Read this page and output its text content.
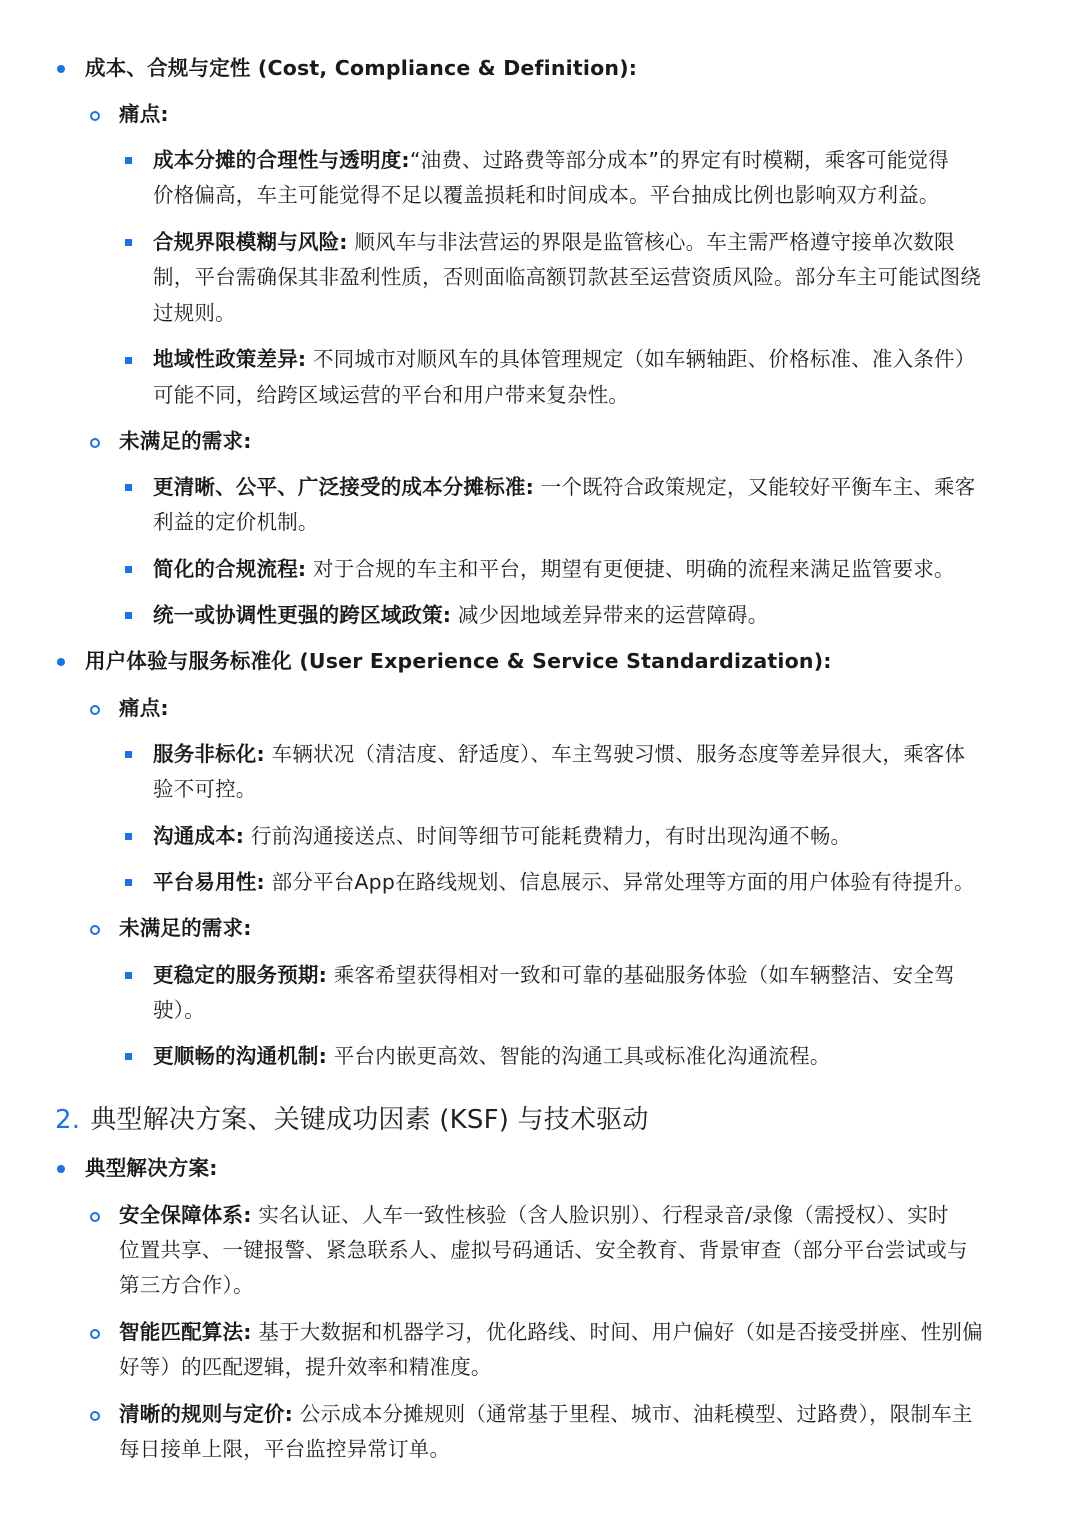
成本、合规与定性 (Cost, Compliance & Definition):
痛点:
成本分摊的合理性与透明度:“油费、过路费等部分成本”的界定有时模糊，乘客可能觉得
价格偏高，车主可能觉得不足以覆盖损耗和时间成本。平台抽成比例也影响双方利益。
合规界限模糊与风险: 顺风车与非法营运的界限是监管核心。车主需严格遵守接单次数限
制，平台需确保其非盈利性质，否则面临高额罚款甚至运营资质风险。部分车主可能试图绕
过规则。
地域性政策差异: 不同城市对顺风车的具体管理规定（如车辆轴距、价格标准、准入条件）
可能不同，给跨区域运营的平台和用户带来复杂性。
未满足的需求:
更清晰、公平、广泛接受的成本分摊标准: 一个既符合政策规定，又能较好平衡车主、乘客
利益的定价机制。
简化的合规流程: 对于合规的车主和平台，期望有更便捷、明确的流程来满足监管要求。
统一或协调性更强的跨区域政策: 减少因地域差异带来的运营障碍。
用户体验与服务标准化 (User Experience & Service Standardization):
痛点:
服务非标化: 车辆状况（清洁度、舒适度）、车主驾驶习惯、服务态度等差异很大，乘客体
验不可控。
沟通成本: 行前沟通接送点、时间等细节可能耗费精力，有时出现沟通不畅。
平台易用性: 部分平台App在路线规划、信息展示、异常处理等方面的用户体验有待提升。
未满足的需求:
更稳定的服务预期: 乘客希望获得相对一致和可靠的基础服务体验（如车辆整洁、安全驾
驶）。
更顺畅的沟通机制: 平台内嵌更高效、智能的沟通工具或标准化沟通流程。
2. 典型解决方案、关键成功因素 (KSF) 与技术驱动
典型解决方案:
安全保障体系: 实名认证、人车一致性核验（含人脸识别）、行程录音/录像（需授权）、实时
位置共享、一键报警、紧急联系人、虚拟号码通话、安全教育、背景审查（部分平台尝试或与
第三方合作）。
智能匹配算法: 基于大数据和机器学习，优化路线、时间、用户偏好（如是否接受拼座、性别偏
好等）的匹配逻辑，提升效率和精准度。
清晰的规则与定价: 公示成本分摊规则（通常基于里程、城市、油耗模型、过路费），限制车主
每日接单上限，平台监控异常订单。
